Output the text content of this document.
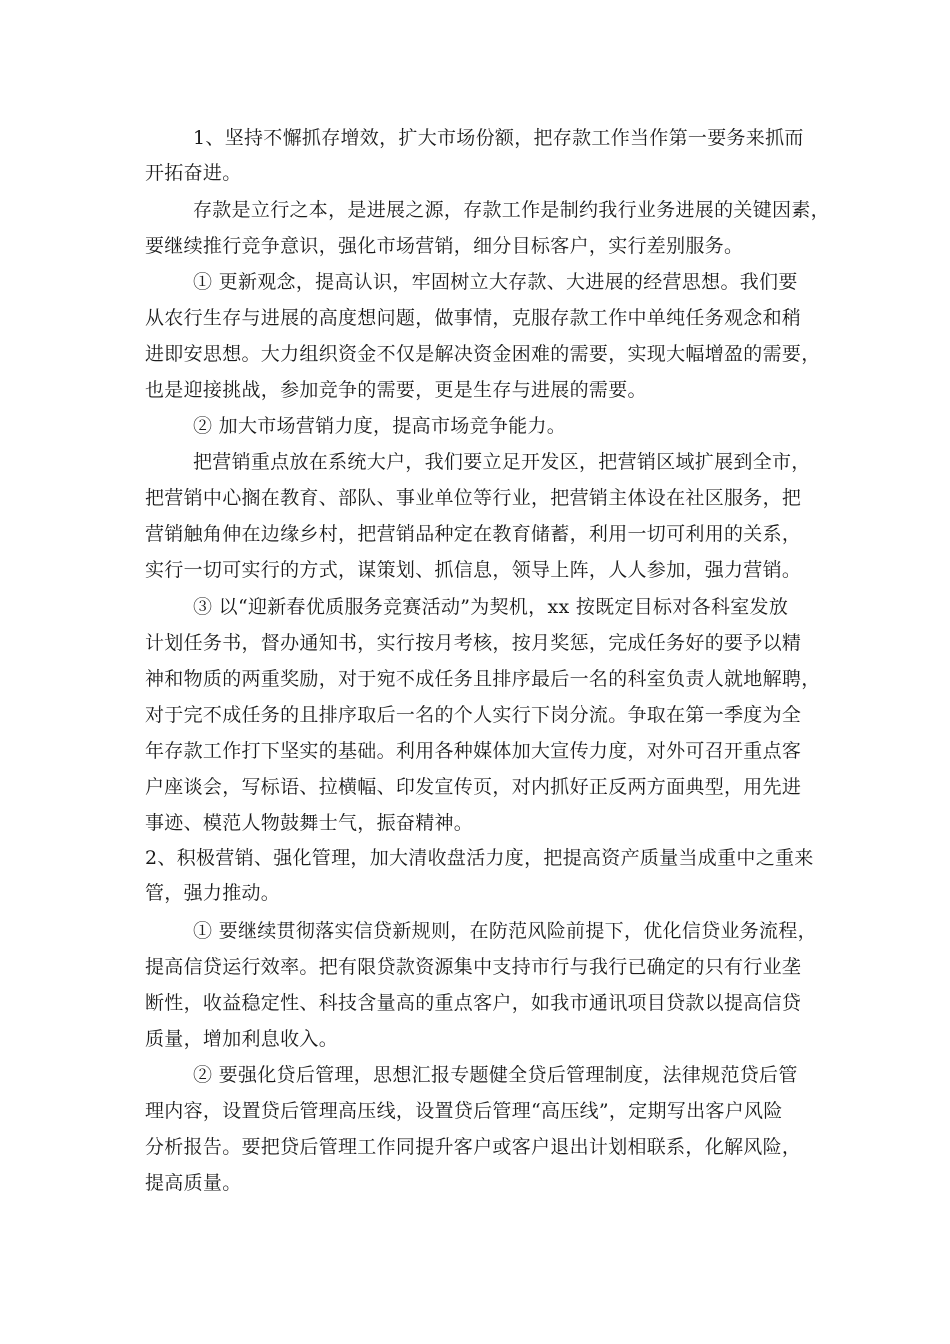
1、坚持不懈抓存增效，扩大市场份额，把存款工作当作第一要务来抓而
开拓奋进。
存款是立行之本，是进展之源，存款工作是制约我行业务进展的关键因素，
要继续推行竞争意识，强化市场营销，细分目标客户，实行差别服务。
① 更新观念，提高认识，牢固树立大存款、大进展的经营思想。我们要
从农行生存与进展的高度想问题，做事情，克服存款工作中单纯任务观念和稍
进即安思想。大力组织资金不仅是解决资金困难的需要，实现大幅增盈的需要，
也是迎接挑战，参加竞争的需要，更是生存与进展的需要。
② 加大市场营销力度，提高市场竞争能力。
把营销重点放在系统大户，我们要立足开发区，把营销区域扩展到全市，
把营销中心搁在教育、部队、事业单位等行业，把营销主体设在社区服务，把
营销触角伸在边缘乡村，把营销品种定在教育储蓄，利用一切可利用的关系，
实行一切可实行的方式，谋策划、抓信息，领导上阵，人人参加，强力营销。
③ 以“迎新春优质服务竞赛活动”为契机，xx 按既定目标对各科室发放
计划任务书，督办通知书，实行按月考核，按月奖惩，完成任务好的要予以精
神和物质的两重奖励，对于宛不成任务且排序最后一名的科室负责人就地解聘，
对于完不成任务的且排序取后一名的个人实行下岗分流。争取在第一季度为全
年存款工作打下坚实的基础。利用各种媒体加大宣传力度，对外可召开重点客
户座谈会，写标语、拉横幅、印发宣传页，对内抓好正反两方面典型，用先进
事迹、模范人物鼓舞士气，振奋精神。
2、积极营销、强化管理，加大清收盘活力度，把提高资产质量当成重中之重来
管，强力推动。
① 要继续贯彻落实信贷新规则，在防范风险前提下，优化信贷业务流程，
提高信贷运行效率。把有限贷款资源集中支持市行与我行已确定的只有行业垄
断性，收益稳定性、科技含量高的重点客户，如我市通讯项目贷款以提高信贷
质量，增加利息收入。
② 要强化贷后管理，思想汇报专题健全贷后管理制度，法律规范贷后管
理内容，设置贷后管理高压线，设置贷后管理“高压线”，定期写出客户风险
分析报告。要把贷后管理工作同提升客户或客户退出计划相联系，化解风险，
提高质量。
